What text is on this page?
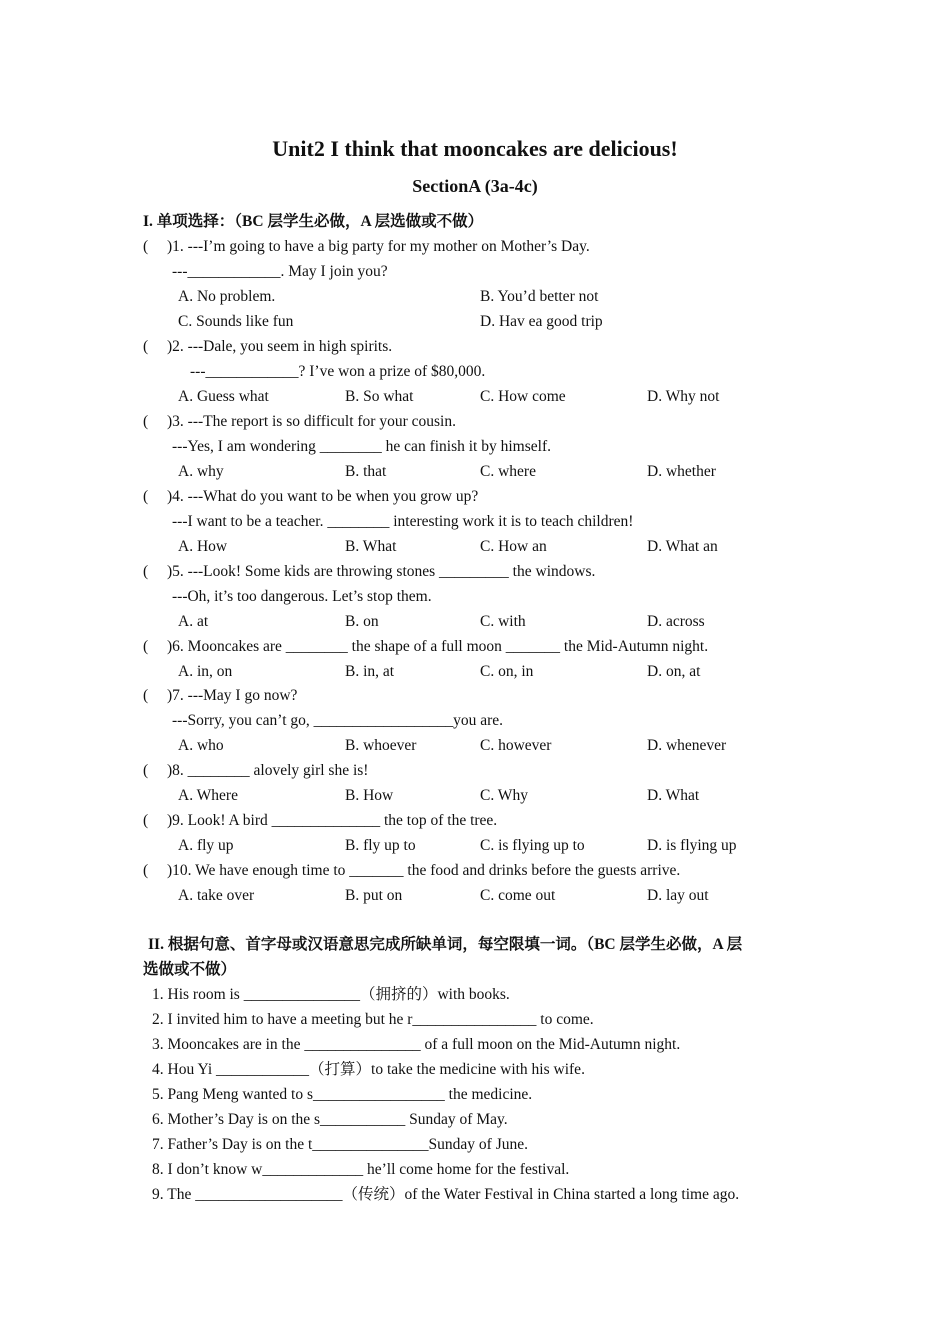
Unit2 I think that mooncakes are delicious!
SectionA (3a-4c)
I. 单项选择：（BC 层学生必做，A 层选做或不做）
( )1. ---I’m going to have a big party for my mother on Mother’s Day.
---____________. May I join you?
A. No problem.	B. You’d better not
C. Sounds like fun	D. Hav ea good trip
( )2. ---Dale, you seem in high spirits.
---____________? I’ve won a prize of $80,000.
A. Guess what	B. So what	C. How come	D. Why not
( )3. ---The report is so difficult for your cousin.
---Yes, I am wondering ________ he can finish it by himself.
A. why	B. that	C. where	D. whether
( )4. ---What do you want to be when you grow up?
---I want to be a teacher. ________ interesting work it is to teach children!
A. How	B. What	C. How an	D. What an
( )5. ---Look! Some kids are throwing stones _________ the windows.
---Oh, it’s too dangerous. Let’s stop them.
A. at	B. on	C. with	D. across
( )6. Mooncakes are ________ the shape of a full moon _______ the Mid-Autumn night.
A. in, on	B. in, at	C. on, in	D. on, at
( )7. ---May I go now?
---Sorry, you can’t go, __________________you are.
A. who	B. whoever	C. however	D. whenever
( )8. ________ alovely girl she is!
A. Where	B. How	C. Why	D. What
( )9. Look! A bird ______________ the top of the tree.
A. fly up	B. fly up to	C. is flying up to	D. is flying up
( )10. We have enough time to _______ the food and drinks before the guests arrive.
A. take over	B. put on	C. come out	D. lay out
II. 根据句意、首字母或汉语意思完成所缺单词，每空限填一词。（BC 层学生必做，A 层
选做或不做）
1. His room is _______________（拥挤的）with books.
2. I invited him to have a meeting but he r________________ to come.
3. Mooncakes are in the _______________ of a full moon on the Mid-Autumn night.
4. Hou Yi ____________（打算）to take the medicine with his wife.
5. Pang Meng wanted to s_________________ the medicine.
6. Mother’s Day is on the s___________ Sunday of May.
7. Father’s Day is on the t_______________Sunday of June.
8. I don’t know w_____________ he’ll come home for the festival.
9. The ___________________（传统）of the Water Festival in China started a long time ago.
